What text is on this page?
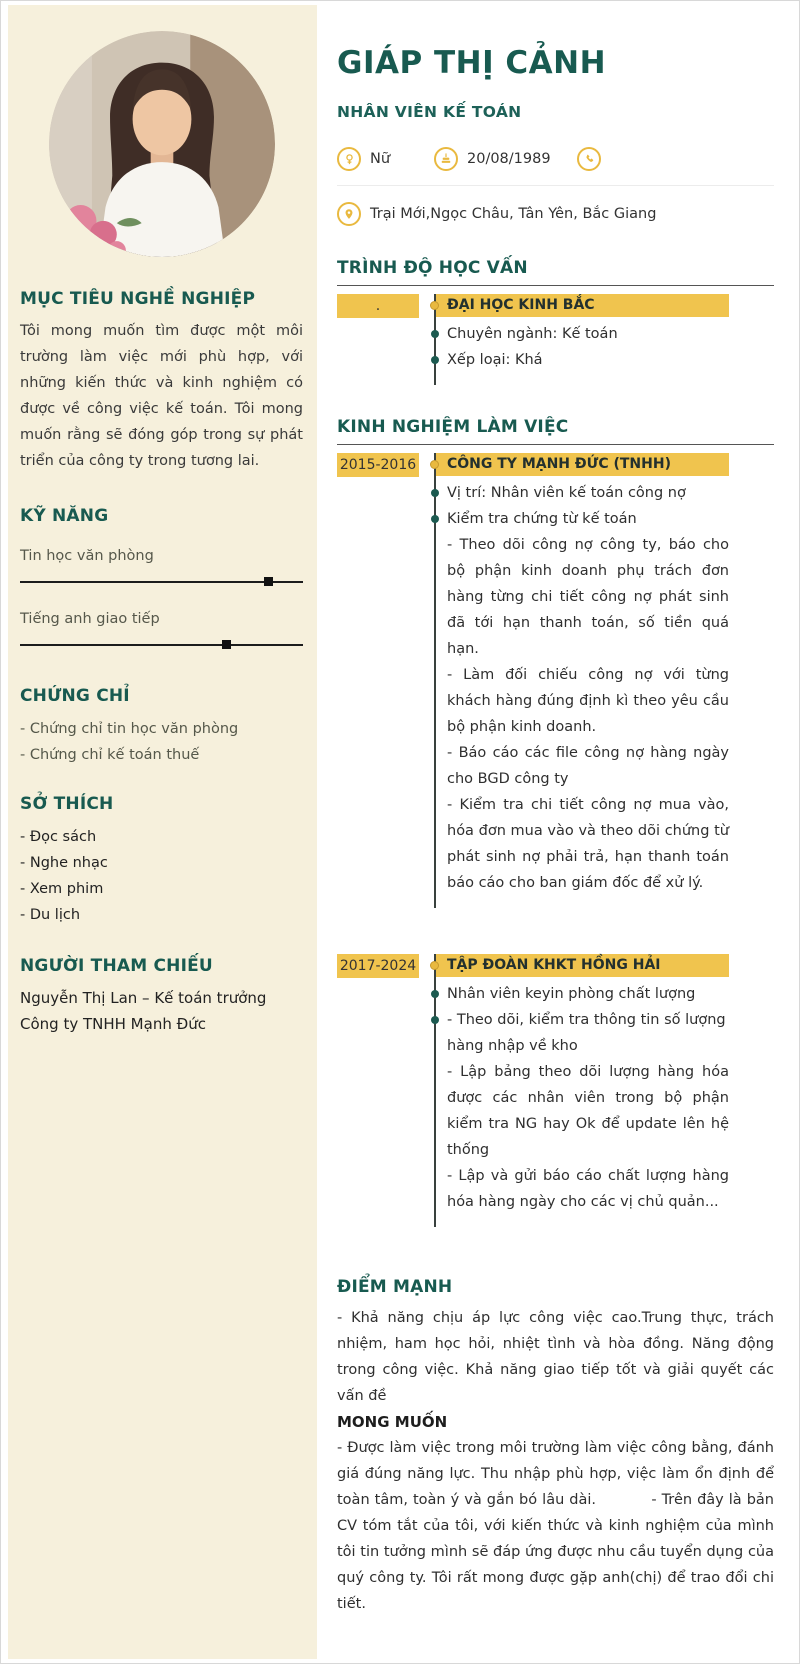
MỤC TIÊU NGHỀ NGHIỆP

Tôi mong muốn tìm được một môi trường làm việc mới phù hợp, với những kiến thức và kinh nghiệm có được về công việc kế toán. Tôi mong muốn rằng sẽ đóng góp trong sự phát triển của công ty trong tương lai.

KỸ NĂNG
Tin học văn phòng
Tiếng anh giao tiếp
CHỨNG CHỈ

- Chứng chỉ tin học văn phòng

- Chứng chỉ kế toán thuế

SỞ THÍCH

- Đọc sách

- Nghe nhạc

- Xem phim

- Du lịch

NGƯỜI THAM CHIẾU

Nguyễn Thị Lan – Kế toán trưởng

Công ty TNHH Mạnh Đức

GIÁP THỊ CẢNH
NHÂN VIÊN KẾ TOÁN
Nữ	20/08/1989
Trại Mới,Ngọc Châu, Tân Yên, Bắc Giang
TRÌNH ĐỘ HỌC VẤN
.	ĐẠI HỌC KINH BẮC
Chuyên ngành: Kế toán
Xếp loại: Khá
KINH NGHIỆM LÀM VIỆC
2015-2016	CÔNG TY MẠNH ĐỨC (TNHH)
Vị trí: Nhân viên kế toán công nợ
Kiểm tra chứng từ kế toán

- Theo dõi công nợ công ty, báo cho bộ phận kinh doanh phụ trách đơn hàng từng chi tiết công nợ phát sinh đã tới hạn thanh toán, số tiền quá hạn.

- Làm đối chiếu công nợ với từng khách hàng đúng định kì theo yêu cầu bộ phận kinh doanh.

- Báo cáo các file công nợ hàng ngày cho BGD công ty

- Kiểm tra chi tiết công nợ mua vào, hóa đơn mua vào và theo dõi chứng từ phát sinh nợ phải trả, hạn thanh toán báo cáo cho ban giám đốc để xử lý.

2017-2024	TẬP ĐOÀN KHKT HỒNG HẢI
Nhân viên keyin phòng chất lượng
- Theo dõi, kiểm tra thông tin số lượng hàng nhập về kho

- Lập bảng theo dõi lượng hàng hóa được các nhân viên trong bộ phận kiểm tra NG hay Ok để update lên hệ thống

- Lập và gửi báo cáo chất lượng hàng hóa hàng ngày cho các vị chủ quản...

ĐIỂM MẠNH

- Khả năng chịu áp lực công việc cao.Trung thực, trách nhiệm, ham học hỏi, nhiệt tình và hòa đồng. Năng động trong công việc. Khả năng giao tiếp tốt và giải quyết các vấn đề

MONG MUỐN

- Được làm việc trong môi trường làm việc công bằng, đánh giá đúng năng lực. Thu nhập phù hợp, việc làm ổn định để toàn tâm, toàn ý và gắn bó lâu dài.           - Trên đây là bản CV tóm tắt của tôi, với kiến thức và kinh nghiệm của mình tôi tin tưởng mình sẽ đáp ứng được nhu cầu tuyển dụng của quý công ty. Tôi rất mong được gặp anh(chị) để trao đổi chi tiết.
